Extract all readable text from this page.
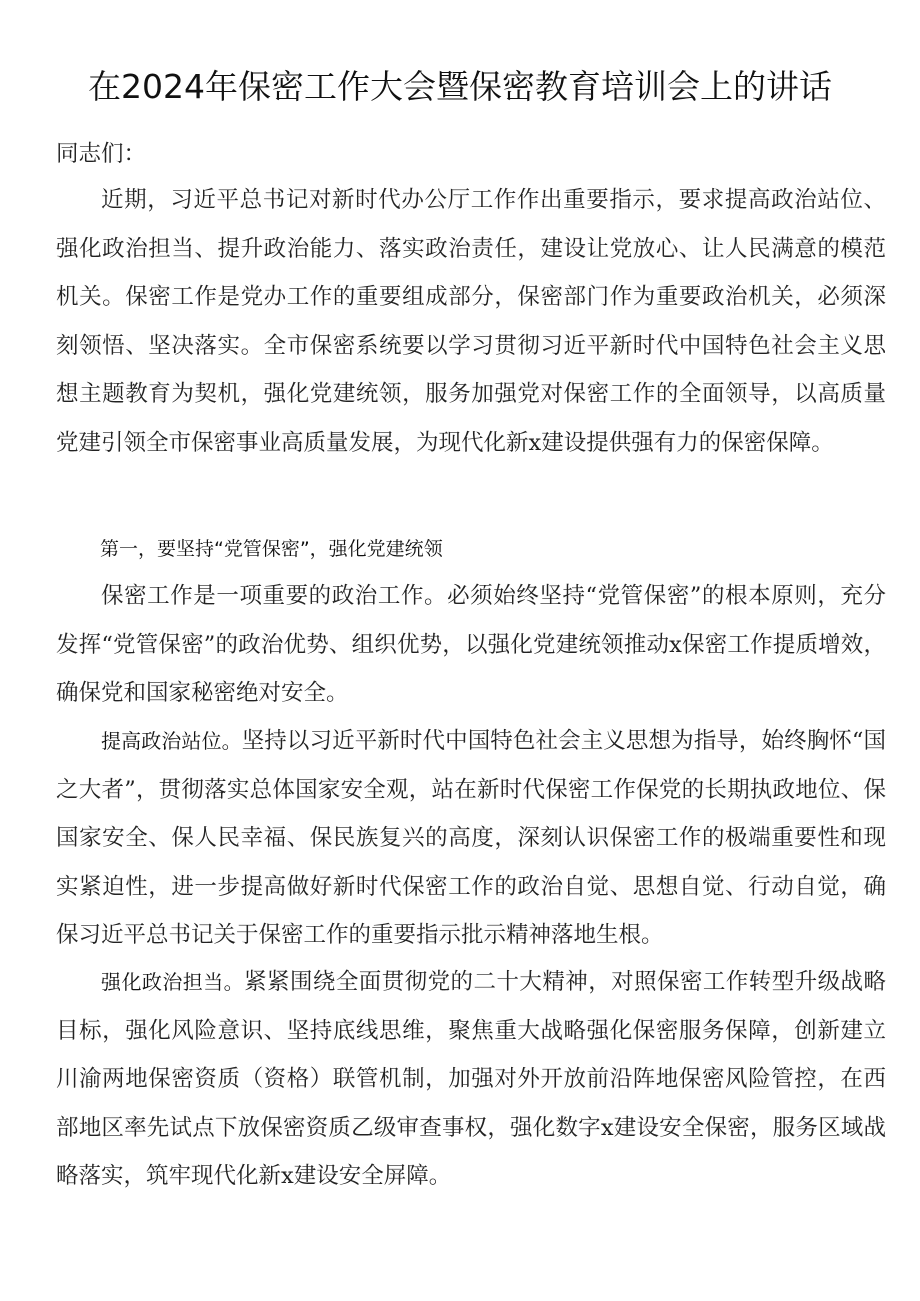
在2024年保密工作大会暨保密教育培训会上的讲话
同志们：

近期，习近平总书记对新时代办公厅工作作出重要指示，要求提高政治站位、强化政治担当、提升政治能力、落实政治责任，建设让党放心、让人民满意的模范机关。保密工作是党办工作的重要组成部分，保密部门作为重要政治机关，必须深刻领悟、坚决落实。全市保密系统要以学习贯彻习近平新时代中国特色社会主义思想主题教育为契机，强化党建统领，服务加强党对保密工作的全面领导，以高质量党建引领全市保密事业高质量发展，为现代化新x建设提供强有力的保密保障。

第一，要坚持“党管保密”，强化党建统领

保密工作是一项重要的政治工作。必须始终坚持“党管保密”的根本原则，充分发挥“党管保密”的政治优势、组织优势，以强化党建统领推动x保密工作提质增效，确保党和国家秘密绝对安全。

提高政治站位。坚持以习近平新时代中国特色社会主义思想为指导，始终胸怀“国之大者”，贯彻落实总体国家安全观，站在新时代保密工作保党的长期执政地位、保国家安全、保人民幸福、保民族复兴的高度，深刻认识保密工作的极端重要性和现实紧迫性，进一步提高做好新时代保密工作的政治自觉、思想自觉、行动自觉，确保习近平总书记关于保密工作的重要指示批示精神落地生根。

强化政治担当。紧紧围绕全面贯彻党的二十大精神，对照保密工作转型升级战略目标，强化风险意识、坚持底线思维，聚焦重大战略强化保密服务保障，创新建立川渝两地保密资质（资格）联管机制，加强对外开放前沿阵地保密风险管控，在西部地区率先试点下放保密资质乙级审查事权，强化数字x建设安全保密，服务区域战略落实，筑牢现代化新x建设安全屏障。
